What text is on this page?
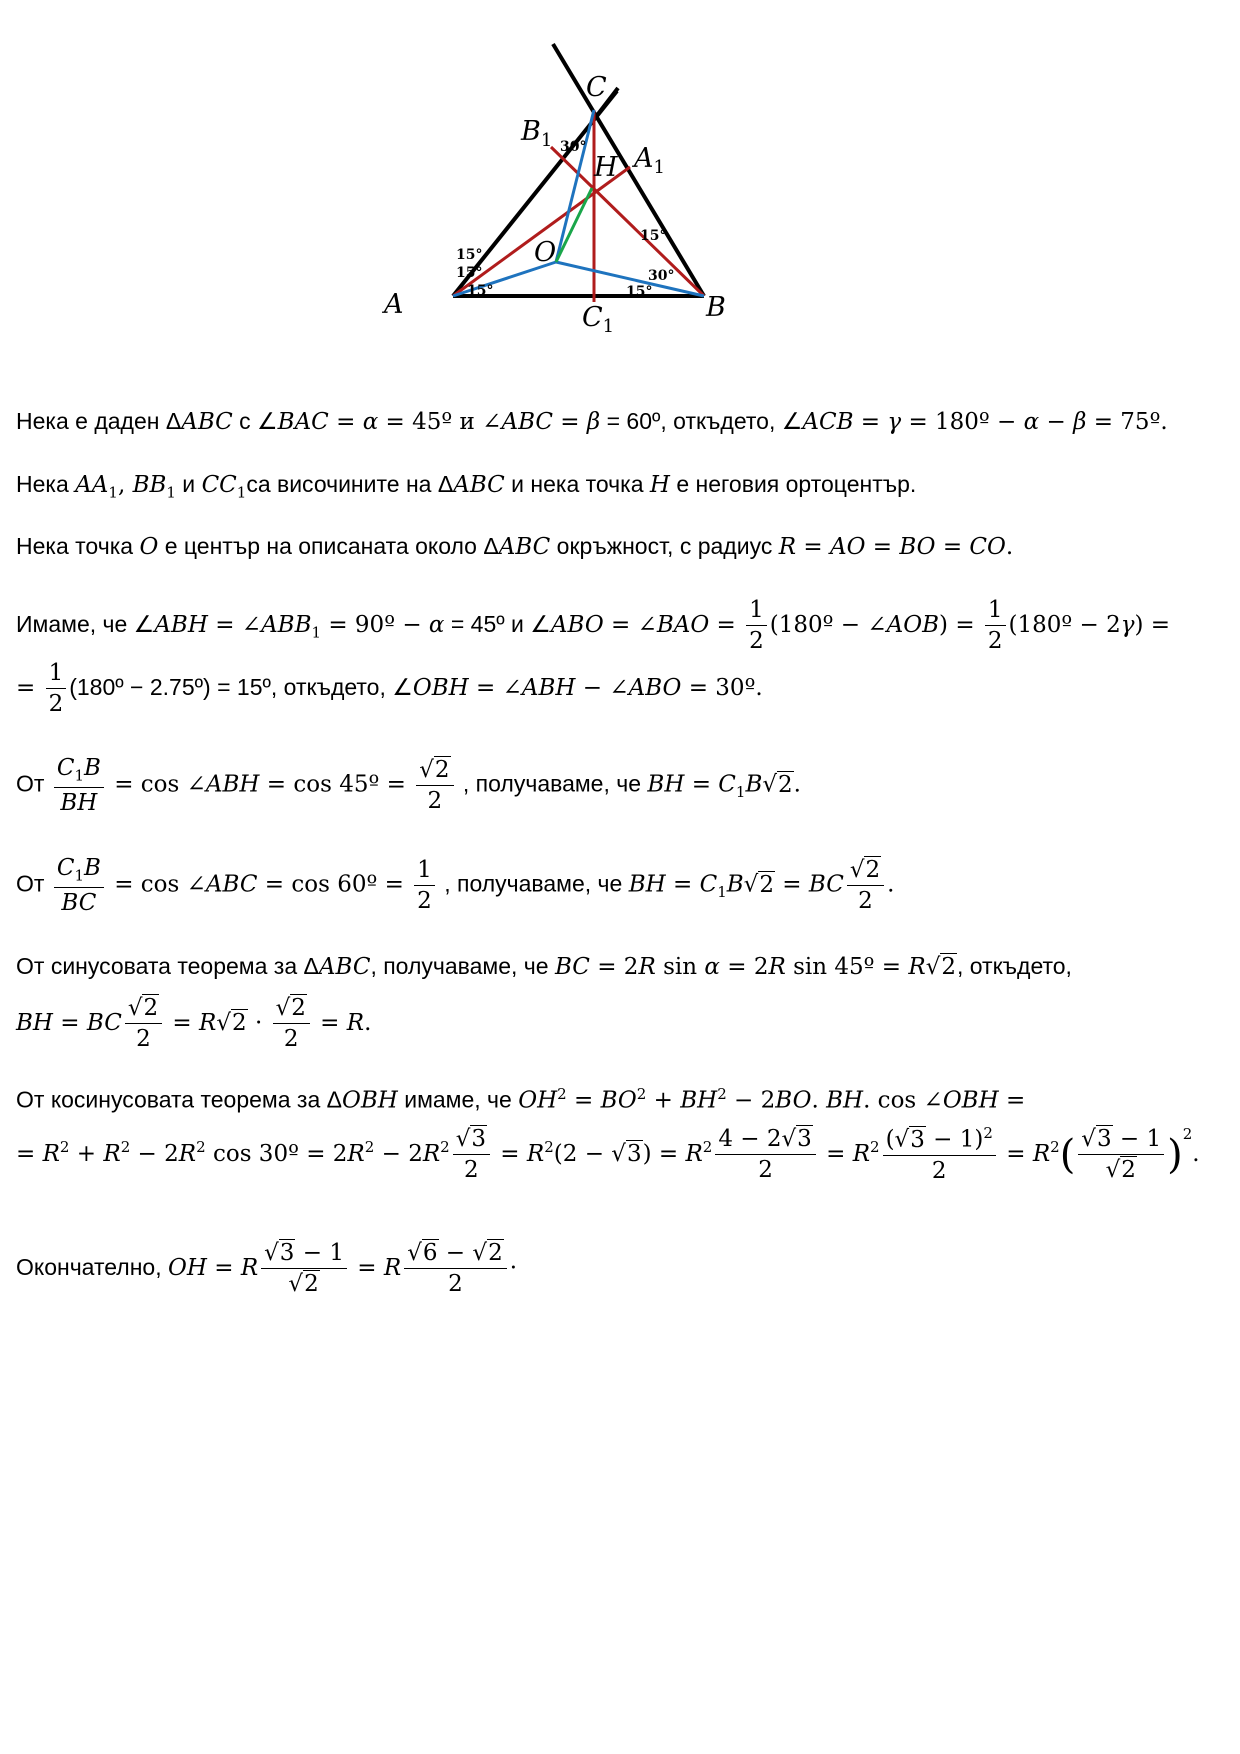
A	B
C
O
H $A_1$
$B_1$
$C_1$
30°
15°
15°
15°
15°
30°
15°
Нека е даден ΔABC с ∠BAC = α = 45º и ∠ABC = β = 60º, откъдето, ∠ACB = γ = 180º − α − β = 75º.
Нека $AA_1$, $BB_1$ и $CC_1са$ височините на ΔABC и нека точка H е неговия ортоцентър.
Нека точка O е център на описаната около ΔABC окръжност, с радиус R = AO = BO = CO.
Имаме, че ∠ABH = $\angle ABB_1$ = 90º − α = 45º и ∠ABO = ∠BAO = $\frac{1}{2}$ (180º − ∠AOB) = $\frac{1}{2}$ (180º − 2γ) =
= $\frac{1}{2}$ (180º − 2.75º) = 15º, откъдето, ∠OBH = ∠ABH − ∠ABO = 30º.
От $\frac{C_1B}{BH} = \cos$ ∠ABH = cos 45º = $\frac{√2}{2}$ , получаваме, че BH = $C_1B√2$.
От $\frac{C_1B}{BC} = \cos$ ∠ABC = cos 60º = $\frac{1}{2}$ , получаваме, че BH = $C_1B√2$ = BC $\frac{√2}{2}$ .
От синусовата теорема за ΔABC, получаваме, че BC = 2R sin α = 2R sin 45º = R√2, откъдето,
BH = BC $\frac{√2}{2} = R√2 \cdot \frac{√2}{2} = R$.
От косинусовата теорема за ΔOBH имаме, че $OH^2 = BO^2 + BH^2 - 2BO$. BH. cos ∠OBH =
= $R^2 + R^2 - 2R^2$ cos 30º = $2R^2 - 2R^2 \frac{√3}{2} = R^2(2 - √3) = R^2 \frac{4 - 2√3}{2} = R^2 \frac{(√3 - 1)^2}{2} = R^2( \frac{√3 - 1}{√2} )^2$.
Окончателно, OH = R $\frac{√3 - 1}{√2} = R \frac{√6 - √2}{2}$ ·
